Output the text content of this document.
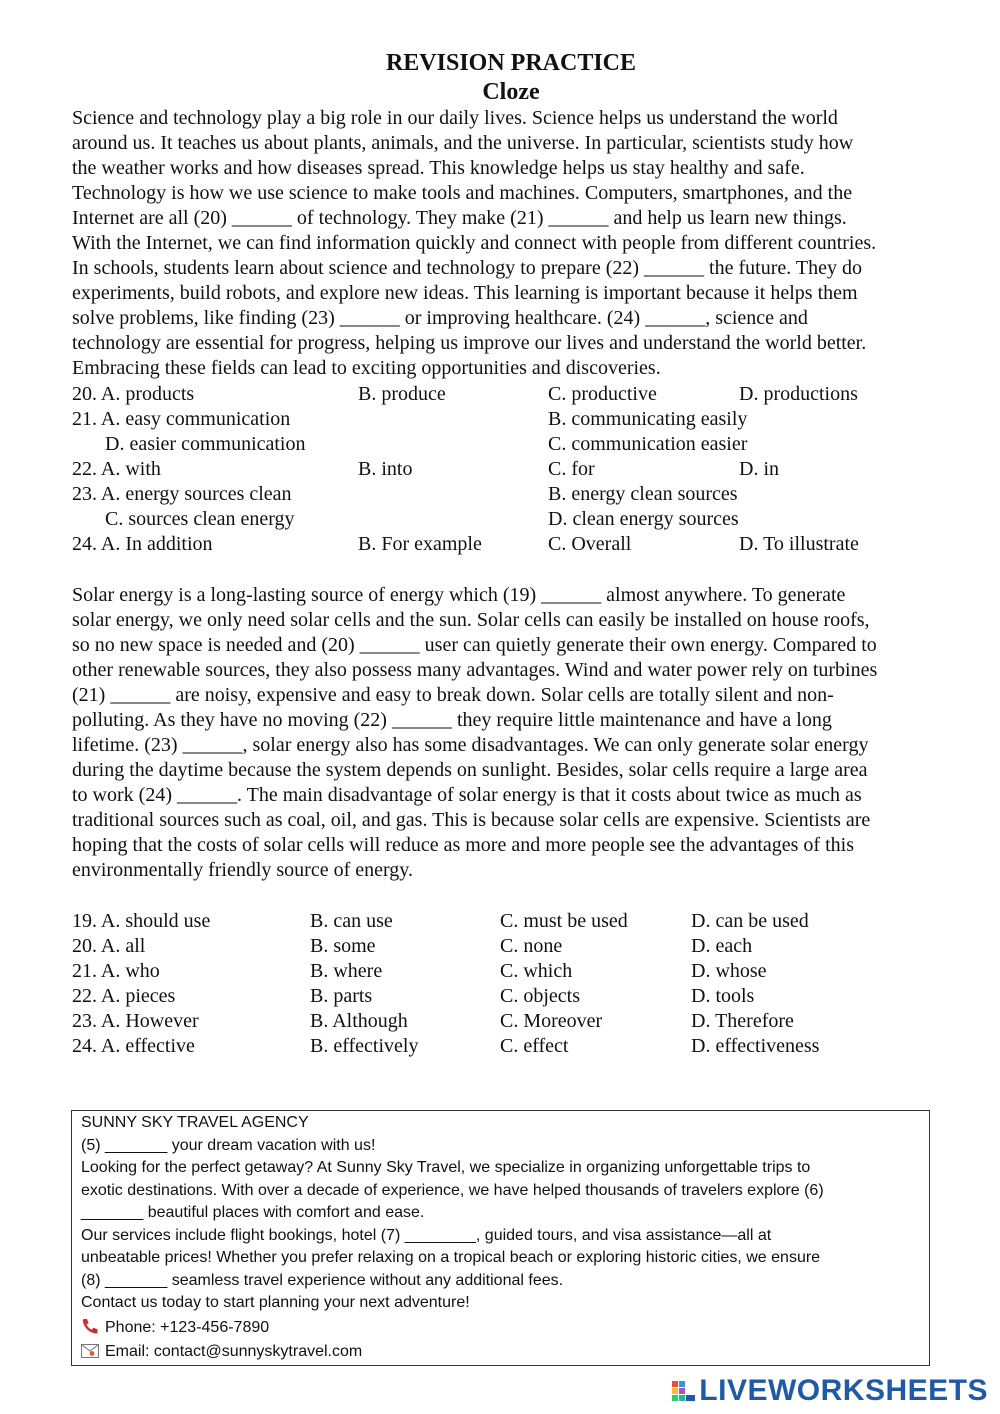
REVISION PRACTICE
Cloze
Science and technology play a big role in our daily lives. Science helps us understand the world
around us. It teaches us about plants, animals, and the universe. In particular, scientists study how
the weather works and how diseases spread. This knowledge helps us stay healthy and safe.
Technology is how we use science to make tools and machines. Computers, smartphones, and the
Internet are all (20) ______ of technology. They make (21) ______ and help us learn new things.
With the Internet, we can find information quickly and connect with people from different countries.
In schools, students learn about science and technology to prepare (22) ______ the future. They do
experiments, build robots, and explore new ideas. This learning is important because it helps them
solve problems, like finding (23) ______ or improving healthcare. (24) ______, science and
technology are essential for progress, helping us improve our lives and understand the world better.
Embracing these fields can lead to exciting opportunities and discoveries.
20. A. products	B. produce	C. productive	D. productions
21. A. easy communication	B. communicating easily
D. easier communication	C. communication easier
22. A. with	B. into	C. for	D. in
23. A. energy sources clean	B. energy clean sources
C. sources clean energy	D. clean energy sources
24. A. In addition	B. For example	C. Overall	D. To illustrate
Solar energy is a long-lasting source of energy which (19) ______ almost anywhere. To generate
solar energy, we only need solar cells and the sun. Solar cells can easily be installed on house roofs,
so no new space is needed and (20) ______ user can quietly generate their own energy. Compared to
other renewable sources, they also possess many advantages. Wind and water power rely on turbines
(21) ______ are noisy, expensive and easy to break down. Solar cells are totally silent and non-
polluting. As they have no moving (22) ______ they require little maintenance and have a long
lifetime. (23) ______, solar energy also has some disadvantages. We can only generate solar energy
during the daytime because the system depends on sunlight. Besides, solar cells require a large area
to work (24) ______. The main disadvantage of solar energy is that it costs about twice as much as
traditional sources such as coal, oil, and gas. This is because solar cells are expensive. Scientists are
hoping that the costs of solar cells will reduce as more and more people see the advantages of this
environmentally friendly source of energy.
19. A. should use	B. can use	C. must be used	D. can be used
20. A. all	B. some	C. none	D. each
21. A. who	B. where	C. which	D. whose
22. A. pieces	B. parts	C. objects	D. tools
23. A. However	B. Although	C. Moreover	D. Therefore
24. A. effective	B. effectively	C. effect	D. effectiveness
SUNNY SKY TRAVEL AGENCY
(5) _______ your dream vacation with us!
Looking for the perfect getaway? At Sunny Sky Travel, we specialize in organizing unforgettable trips to
exotic destinations. With over a decade of experience, we have helped thousands of travelers explore (6)
_______ beautiful places with comfort and ease.
Our services include flight bookings, hotel (7) ________, guided tours, and visa assistance—all at
unbeatable prices! Whether you prefer relaxing on a tropical beach or exploring historic cities, we ensure
(8) _______ seamless travel experience without any additional fees.
Contact us today to start planning your next adventure!
Phone: +123-456-7890
Email: contact@sunnyskytravel.com
LIVEWORKSHEETS
